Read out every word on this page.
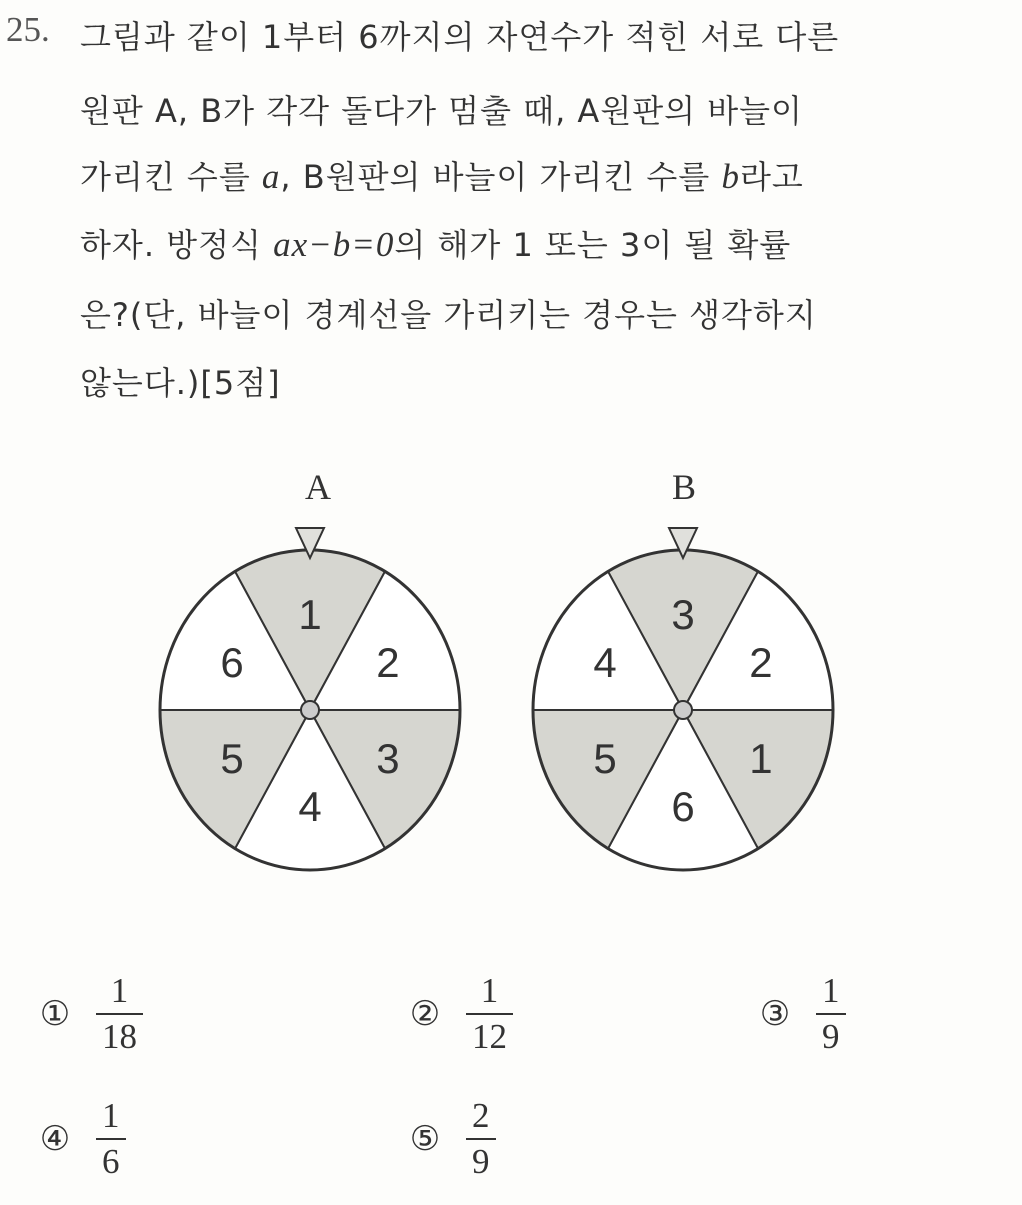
25. 그림과 같이 1부터 6까지의 자연수가 적힌 서로 다른
원판 A, B가 각각 돌다가 멈출 때, A원판의 바늘이
가리킨 수를 a, B원판의 바늘이 가리킨 수를 b라고
하자. 방정식 ax−b=0의 해가 1 또는 3이 될 확률
은?(단, 바늘이 경계선을 가리키는 경우는 생각하지
않는다.)[5점]
A
1
2
3
4
5
6
B
3
2
1
6
5
4
① $\frac{1}{18}$	② $\frac{1}{12}$	③ $\frac{1}{9}$
④ $\frac{1}{6}$	⑤ $\frac{2}{9}$
